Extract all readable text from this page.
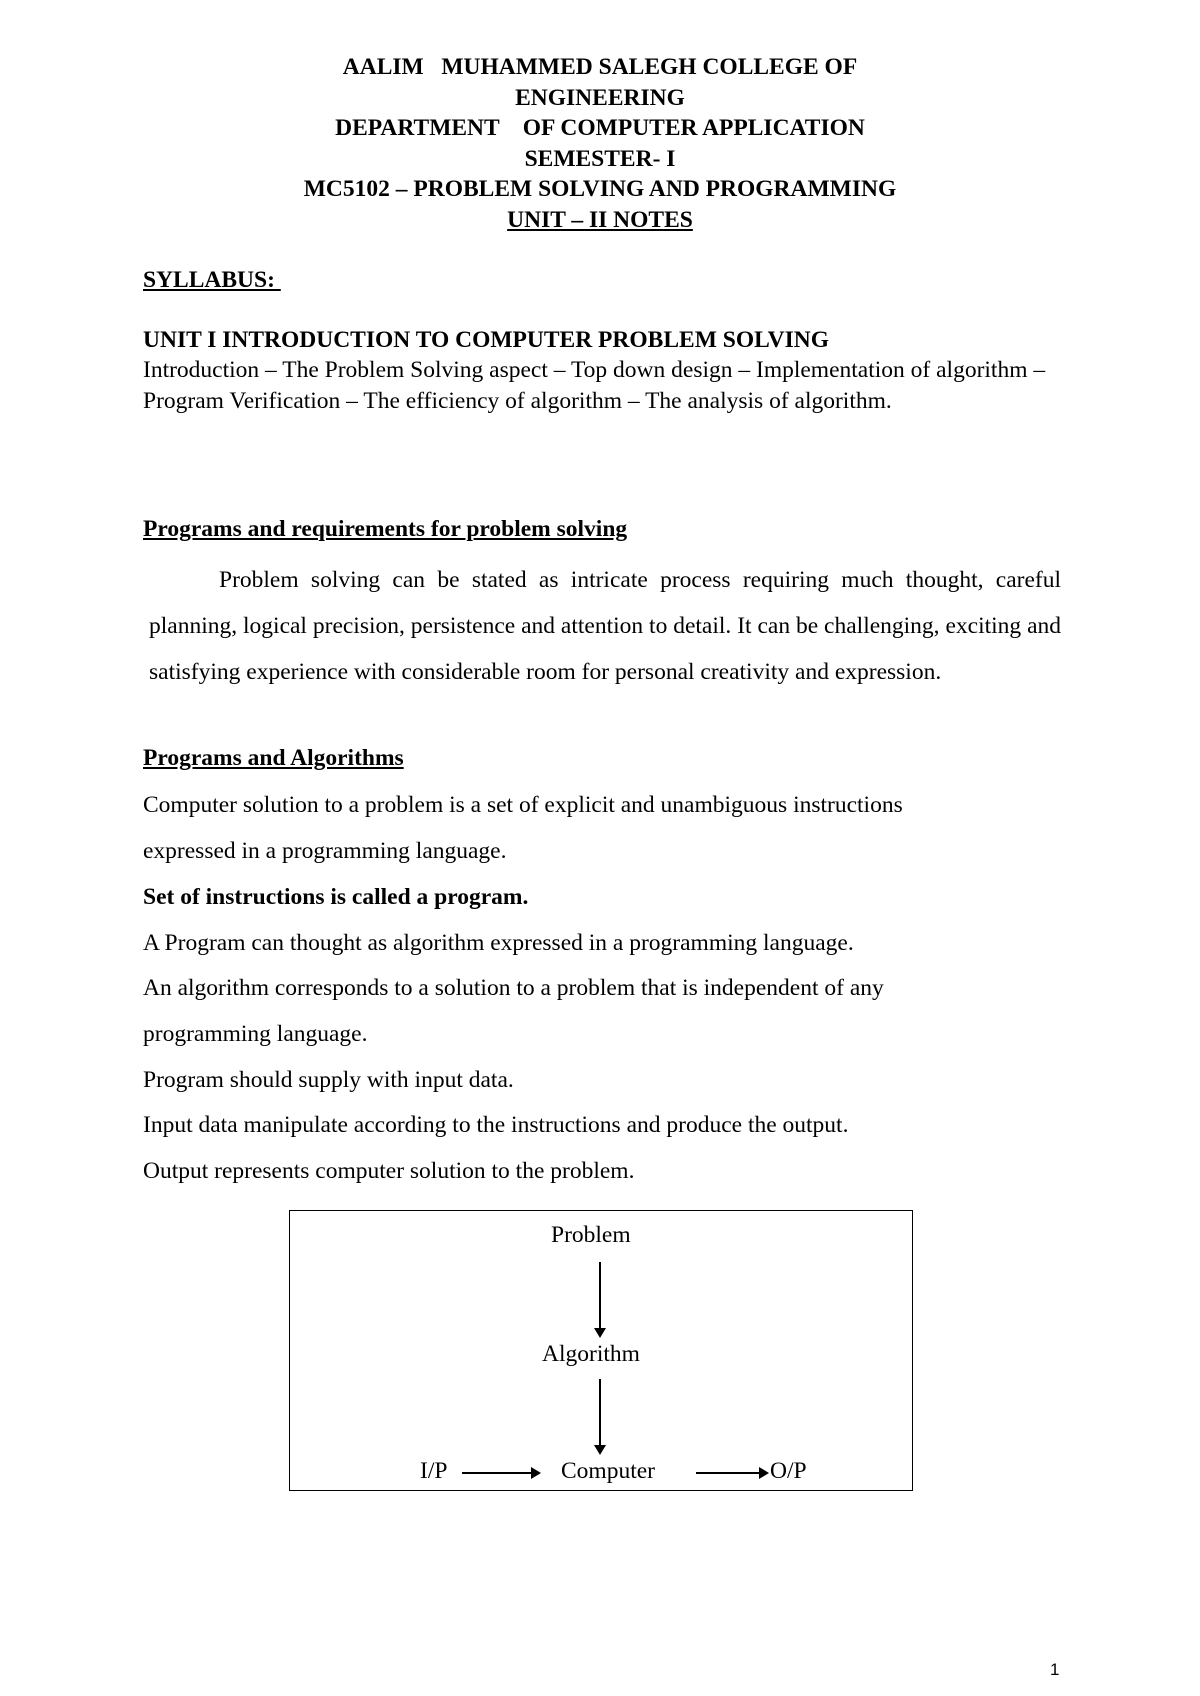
AALIM   MUHAMMED SALEGH COLLEGE OF
ENGINEERING
DEPARTMENT    OF COMPUTER APPLICATION
SEMESTER- I
MC5102 – PROBLEM SOLVING AND PROGRAMMING
UNIT – II NOTES
SYLLABUS:
UNIT I INTRODUCTION TO COMPUTER PROBLEM SOLVING
Introduction – The Problem Solving aspect – Top down design – Implementation of algorithm – Program Verification – The efficiency of algorithm – The analysis of algorithm.
Programs and requirements for problem solving
Problem solving can be stated as intricate process requiring much thought, careful planning, logical precision, persistence and attention to detail. It can be challenging, exciting and satisfying experience with considerable room for personal creativity and expression.
Programs and Algorithms
Computer solution to a problem is a set of explicit and unambiguous instructions
expressed in a programming language.
Set of instructions is called a program.
A Program can thought as algorithm expressed in a programming language.
An algorithm corresponds to a solution to a problem that is independent of any
programming language.
Program should supply with input data.
Input data manipulate according to the instructions and produce the output.
Output represents computer solution to the problem.
Problem
Algorithm
I/P	Computer	O/P
1
